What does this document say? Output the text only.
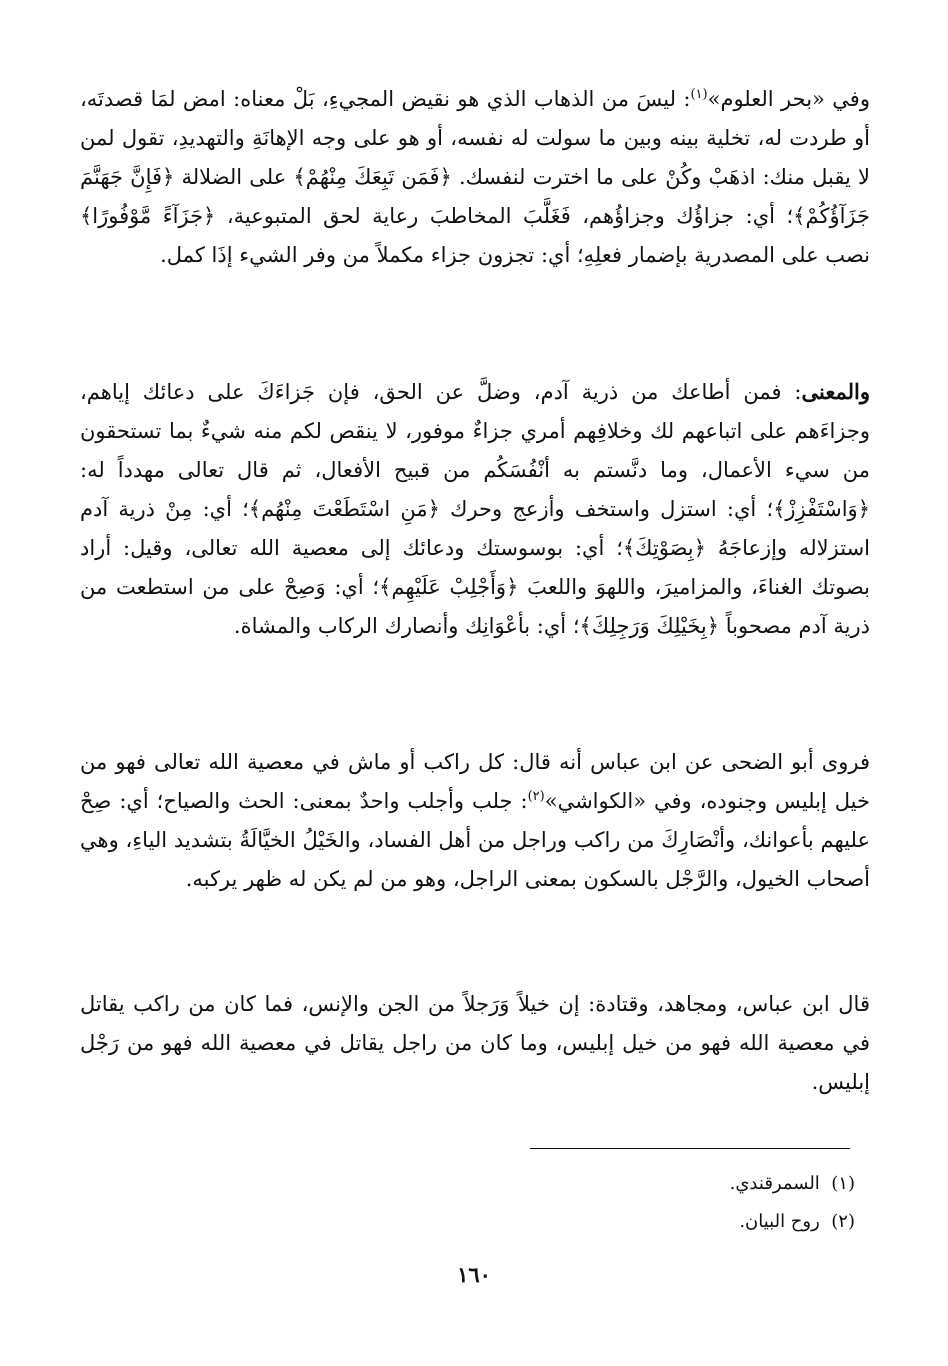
وفي «بحر العلوم»$^{(١)}$: ليسَ من الذهاب الذي هو نقيض المجيءِ، بَلْ معناه: امض لمَا قصدتَه، أو طردت له، تخلية بينه وبين ما سولت له نفسه، أو هو على وجه الإهانَةِ والتهديدِ، تقول لمن لا يقبل منك: اذهَبْ وكُنْ على ما اخترت لنفسك. ﴿فَمَن تَبِعَكَ مِنْهُمْ﴾ على الضلالة ﴿فَإِنَّ جَهَنَّمَ جَزَآؤُكُمْ﴾؛ أي: جزاؤُك وجزاؤُهم، فَغَلَّبَ المخاطبَ رعاية لحق المتبوعية، ﴿جَزَآءً مَّوْفُورًا﴾ نصب على المصدرية بإضمار فعلِهِ؛ أي: تجزون جزاء مكملاً من وفر الشيء إذَا كمل.

والمعنى: فمن أطاعك من ذرية آدم، وضلَّ عن الحق، فإن جَزاءَكَ على دعائك إياهم، وجزاءَهم على اتباعهم لك وخلافِهم أمري جزاءٌ موفور، لا ينقص لكم منه شيءٌ بما تستحقون من سيء الأعمال، وما دنَّستم به أنْفُسَكُم من قبيح الأفعال، ثم قال تعالى مهدداً له: ﴿وَاسْتَفْزِزْ﴾؛ أي: استزل واستخف وأزعج وحرك ﴿مَنِ اسْتَطَعْتَ مِنْهُم﴾؛ أي: مِنْ ذرية آدم استزلاله وإزعاجَهُ ﴿بِصَوْتِكَ﴾؛ أي: بوسوستك ودعائك إلى معصية الله تعالى، وقيل: أراد بصوتك الغناءَ، والمزاميرَ، واللهوَ واللعبَ ﴿وَأَجْلِبْ عَلَيْهِم﴾؛ أي: وَصِحْ على من استطعت من ذرية آدم مصحوباً ﴿بِخَيْلِكَ وَرَجِلِكَ﴾؛ أي: بأعْوَانِك وأنصارك الركاب والمشاة.

فروى أبو الضحى عن ابن عباس أنه قال: كل راكب أو ماش في معصية الله تعالى فهو من خيل إبليس وجنوده، وفي «الكواشي»$^{(٢)}$: جلب وأجلب واحدٌ بمعنى: الحث والصياح؛ أي: صِحْ عليهم بأعوانك، وأنْصَارِكَ من راكب وراجل من أهل الفساد، والخَيْلُ الخيَّالَةُ بتشديد الياءِ، وهي أصحاب الخيول، والرَّجْل بالسكون بمعنى الراجل، وهو من لم يكن له ظهر يركبه.

قال ابن عباس، ومجاهد، وقتادة: إن خيلاً وَرَجلاً من الجن والإنس، فما كان من راكب يقاتل في معصية الله فهو من خيل إبليس، وما كان من راجل يقاتل في معصية الله فهو من رَجْل إبليس.

(١)  السمرقندي.

(٢)  روح البيان.

١٦٠
